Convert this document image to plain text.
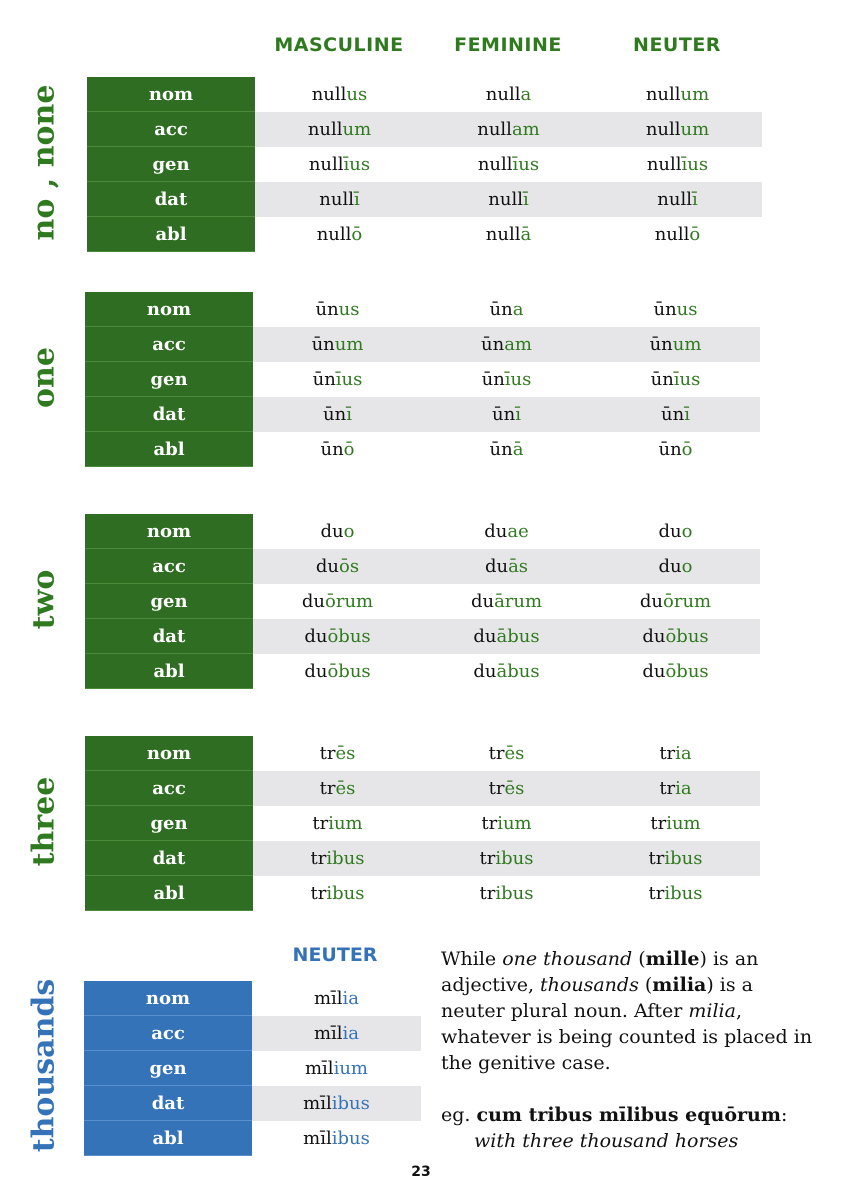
MASCULINE	FEMININE	NEUTER
no , none
one
two
three
thousands
nom	nullus	nulla	nullum
acc	nullum	nullam	nullum
gen	nullīus	nullīus	nullīus
dat	nullī	nullī	nullī
abl	nullō	nullā	nullō
nom	ūnus	ūna	ūnus
acc	ūnum	ūnam	ūnum
gen	ūnīus	ūnīus	ūnīus
dat	ūnī	ūnī	ūnī
abl	ūnō	ūnā	ūnō
nom	duo	duae	duo
acc	duōs	duās	duo
gen	duōrum	duārum	duōrum
dat	duōbus	duābus	duōbus
abl	duōbus	duābus	duōbus
nom	trēs	trēs	tria
acc	trēs	trēs	tria
gen	trium	trium	trium
dat	tribus	tribus	tribus
abl	tribus	tribus	tribus
NEUTER
nom	mīlia
acc	mīlia
gen	mīlium
dat	mīlibus
abl	mīlibus
While one thousand (mille) is an adjective, thousands (milia) is a neuter plural noun. After milia, whatever is being counted is placed in the genitive case.
eg. cum tribus mīlibus equōrum:
with three thousand horses
23
